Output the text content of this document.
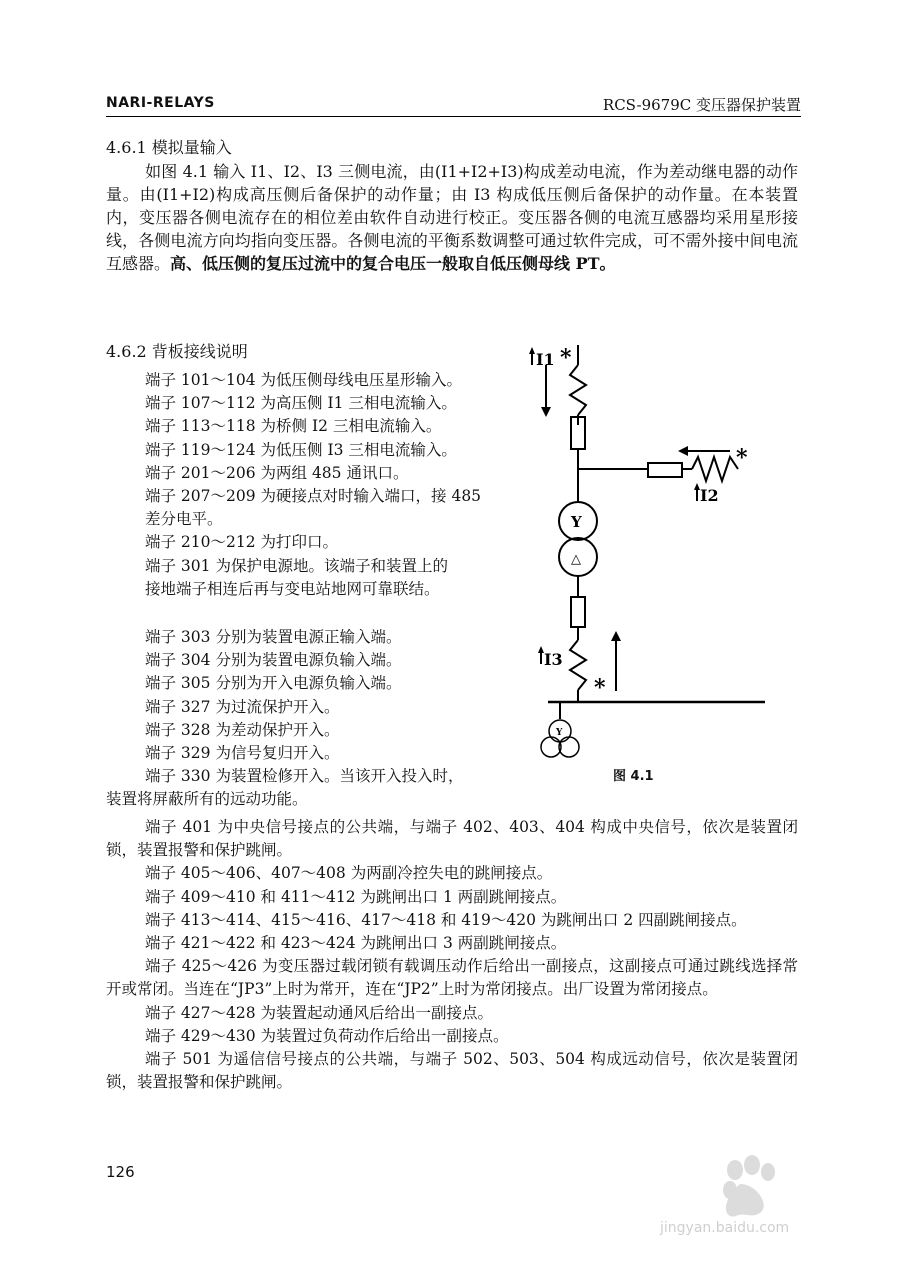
NARI-RELAYS	RCS-9679C 变压器保护装置
4.6.1 模拟量输入

如图 4.1 输入 I1、I2、I3 三侧电流，由(I1+I2+I3)构成差动电流，作为差动继电器的动作量。由(I1+I2)构成高压侧后备保护的动作量；由 I3 构成低压侧后备保护的动作量。在本装置内，变压器各侧电流存在的相位差由软件自动进行校正。变压器各侧的电流互感器均采用星形接线，各侧电流方向均指向变压器。各侧电流的平衡系数调整可通过软件完成，可不需外接中间电流互感器。高、低压侧的复压过流中的复合电压一般取自低压侧母线 PT。

4.6.2 背板接线说明
端子 101～104 为低压侧母线电压星形输入。
端子 107～112 为高压侧 I1 三相电流输入。
端子 113～118 为桥侧 I2 三相电流输入。
端子 119～124 为低压侧 I3 三相电流输入。
端子 201～206 为两组 485 通讯口。
端子 207～209 为硬接点对时输入端口，接 485
差分电平。
端子 210～212 为打印口。
端子 301 为保护电源地。该端子和装置上的
接地端子相连后再与变电站地网可靠联结。
端子 303 分别为装置电源正输入端。
端子 304 分别为装置电源负输入端。
端子 305 分别为开入电源负输入端。
端子 327 为过流保护开入。
端子 328 为差动保护开入。
端子 329 为信号复归开入。
端子 330 为装置检修开入。当该开入投入时，
装置将屏蔽所有的远动功能。
端子 401 为中央信号接点的公共端，与端子 402、403、404 构成中央信号，依次是装置闭锁，装置报警和保护跳闸。
端子 405～406、407～408 为两副冷控失电的跳闸接点。
端子 409～410 和 411～412 为跳闸出口 1 两副跳闸接点。
端子 413～414、415～416、417～418 和 419～420 为跳闸出口 2 四副跳闸接点。
端子 421～422 和 423～424 为跳闸出口 3 两副跳闸接点。
端子 425～426 为变压器过载闭锁有载调压动作后给出一副接点，这副接点可通过跳线选择常开或常闭。当连在“JP3”上时为常开，连在“JP2”上时为常闭接点。出厂设置为常闭接点。
端子 427～428 为装置起动通风后给出一副接点。
端子 429～430 为装置过负荷动作后给出一副接点。
端子 501 为遥信信号接点的公共端，与端子 502、503、504 构成远动信号，依次是装置闭锁，装置报警和保护跳闸。
I1 *
*
I2
I3
*
Y
△
Y
图 4.1
126
jingyan.baidu.com
